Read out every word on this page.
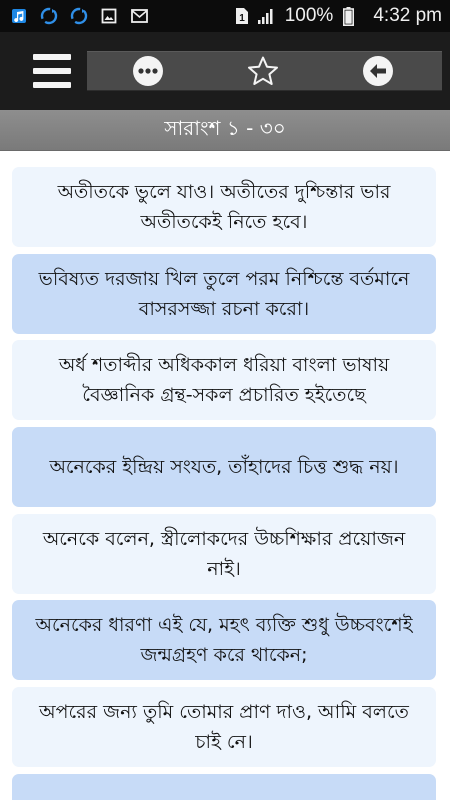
1 100% 4:32 pm
সারাংশ ১ - ৩০
অতীতকে ভুলে যাও। অতীতের দুশ্চিন্তার ভার অতীতকেই নিতে হবে।
ভবিষ্যত দরজায় খিল তুলে পরম নিশ্চিন্তে বর্তমানে বাসরসজ্জা রচনা করো।
অর্ধ শতাব্দীর অধিককাল ধরিয়া বাংলা ভাষায় বৈজ্ঞানিক গ্রন্থ-সকল প্রচারিত হইতেছে
অনেকের ইন্দ্রিয় সংযত, তাঁহাদের চিত্ত শুদ্ধ নয়।
অনেকে বলেন, স্ত্রীলোকদের উচ্চশিক্ষার প্রয়োজন নাই।
অনেকের ধারণা এই যে, মহৎ ব্যক্তি শুধু উচ্চবংশেই জন্মগ্রহণ করে থাকেন;
অপরের জন্য তুমি তোমার প্রাণ দাও, আমি বলতে চাই নে।
